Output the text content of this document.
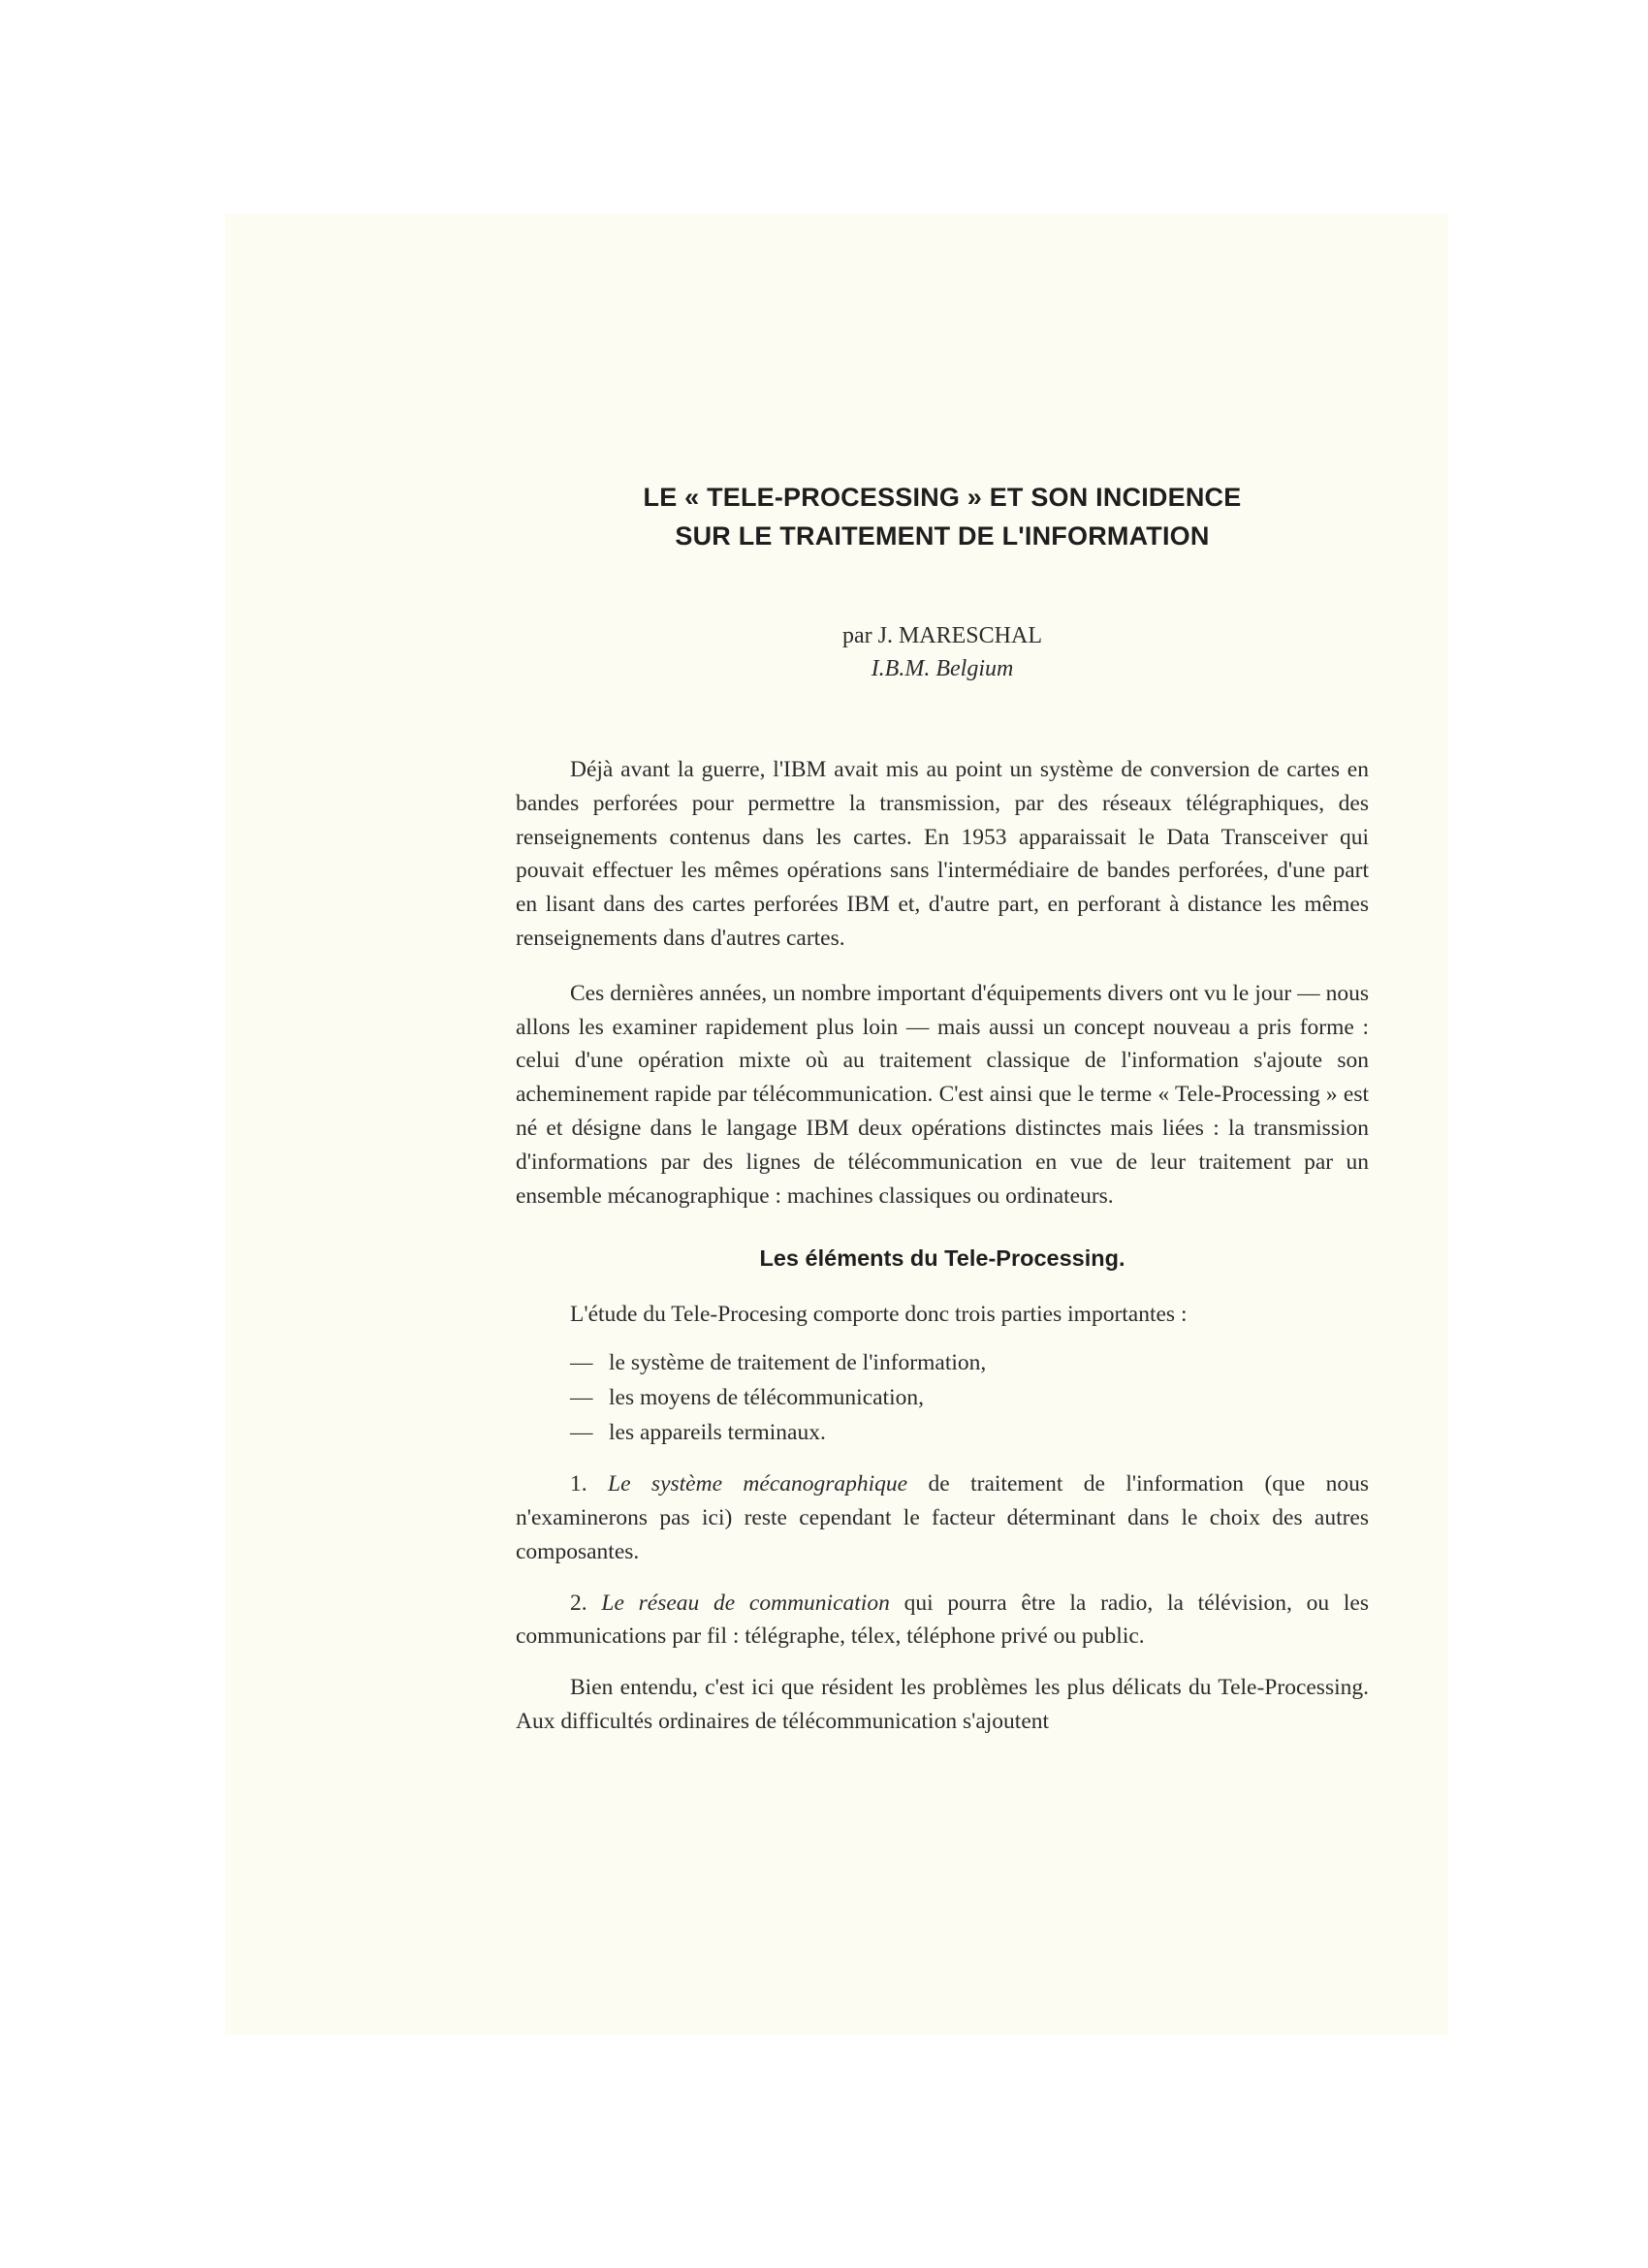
LE « TELE-PROCESSING » ET SON INCIDENCE
SUR LE TRAITEMENT DE L'INFORMATION
par J. MARESCHAL
I.B.M. Belgium

Déjà avant la guerre, l'IBM avait mis au point un système de conversion de cartes en bandes perforées pour permettre la transmission, par des réseaux télégraphiques, des renseignements contenus dans les cartes. En 1953 apparaissait le Data Transceiver qui pouvait effectuer les mêmes opérations sans l'intermédiaire de bandes perforées, d'une part en lisant dans des cartes perforées IBM et, d'autre part, en perforant à distance les mêmes renseignements dans d'autres cartes.

Ces dernières années, un nombre important d'équipements divers ont vu le jour — nous allons les examiner rapidement plus loin — mais aussi un concept nouveau a pris forme : celui d'une opération mixte où au traitement classique de l'information s'ajoute son acheminement rapide par télécommunication. C'est ainsi que le terme « Tele-Processing » est né et désigne dans le langage IBM deux opérations distinctes mais liées : la transmission d'informations par des lignes de télécommunication en vue de leur traitement par un ensemble mécanographique : machines classiques ou ordinateurs.

Les éléments du Tele-Processing.

L'étude du Tele-Procesing comporte donc trois parties importantes :

— le système de traitement de l'information,
— les moyens de télécommunication,
— les appareils terminaux.

1. Le système mécanographique de traitement de l'information (que nous n'examinerons pas ici) reste cependant le facteur déterminant dans le choix des autres composantes.

2. Le réseau de communication qui pourra être la radio, la télévision, ou les communications par fil : télégraphe, télex, téléphone privé ou public.

Bien entendu, c'est ici que résident les problèmes les plus délicats du Tele-Processing. Aux difficultés ordinaires de télécommunication s'ajoutent
